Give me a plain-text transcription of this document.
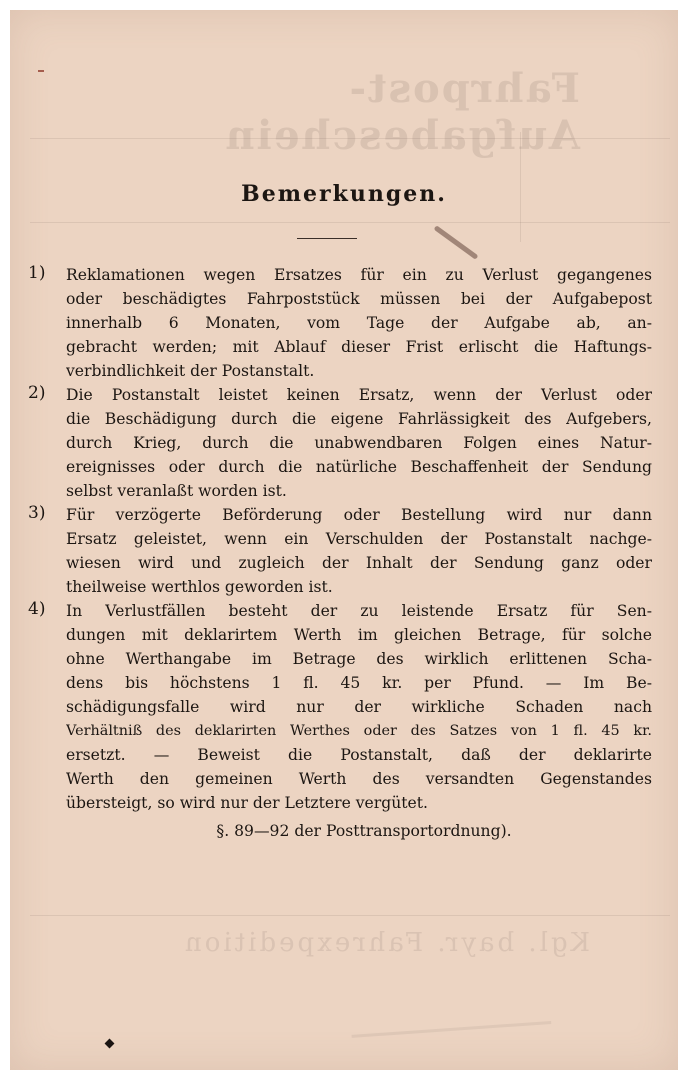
Fahrpost-Aufgabeschein
Kgl. bayr. Fahrexpedition
Bemerkungen.
1) Reklamationen wegen Ersatzes für ein zu Verlust gegangenes
oder beschädigtes Fahrpoststück müssen bei der Aufgabepost
innerhalb 6 Monaten, vom Tage der Aufgabe ab, an-
gebracht werden; mit Ablauf dieser Frist erlischt die Haftungs-
verbindlichkeit der Postanstalt.
2) Die Postanstalt leistet keinen Ersatz, wenn der Verlust oder
die Beschädigung durch die eigene Fahrlässigkeit des Aufgebers,
durch Krieg, durch die unabwendbaren Folgen eines Natur-
ereignisses oder durch die natürliche Beschaffenheit der Sendung
selbst veranlaßt worden ist.
3) Für verzögerte Beförderung oder Bestellung wird nur dann
Ersatz geleistet, wenn ein Verschulden der Postanstalt nachge-
wiesen wird und zugleich der Inhalt der Sendung ganz oder
theilweise werthlos geworden ist.
4) In Verlustfällen besteht der zu leistende Ersatz für Sen-
dungen mit deklarirtem Werth im gleichen Betrage, für solche
ohne Werthangabe im Betrage des wirklich erlittenen Scha-
dens bis höchstens 1 fl. 45 kr. per Pfund. — Im Be-
schädigungsfalle wird nur der wirkliche Schaden nach
Verhältniß des deklarirten Werthes oder des Satzes von 1 fl. 45 kr.
ersetzt. — Beweist die Postanstalt, daß der deklarirte
Werth den gemeinen Werth des versandten Gegenstandes
übersteigt, so wird nur der Letztere vergütet.
§. 89—92 der Posttransportordnung).
